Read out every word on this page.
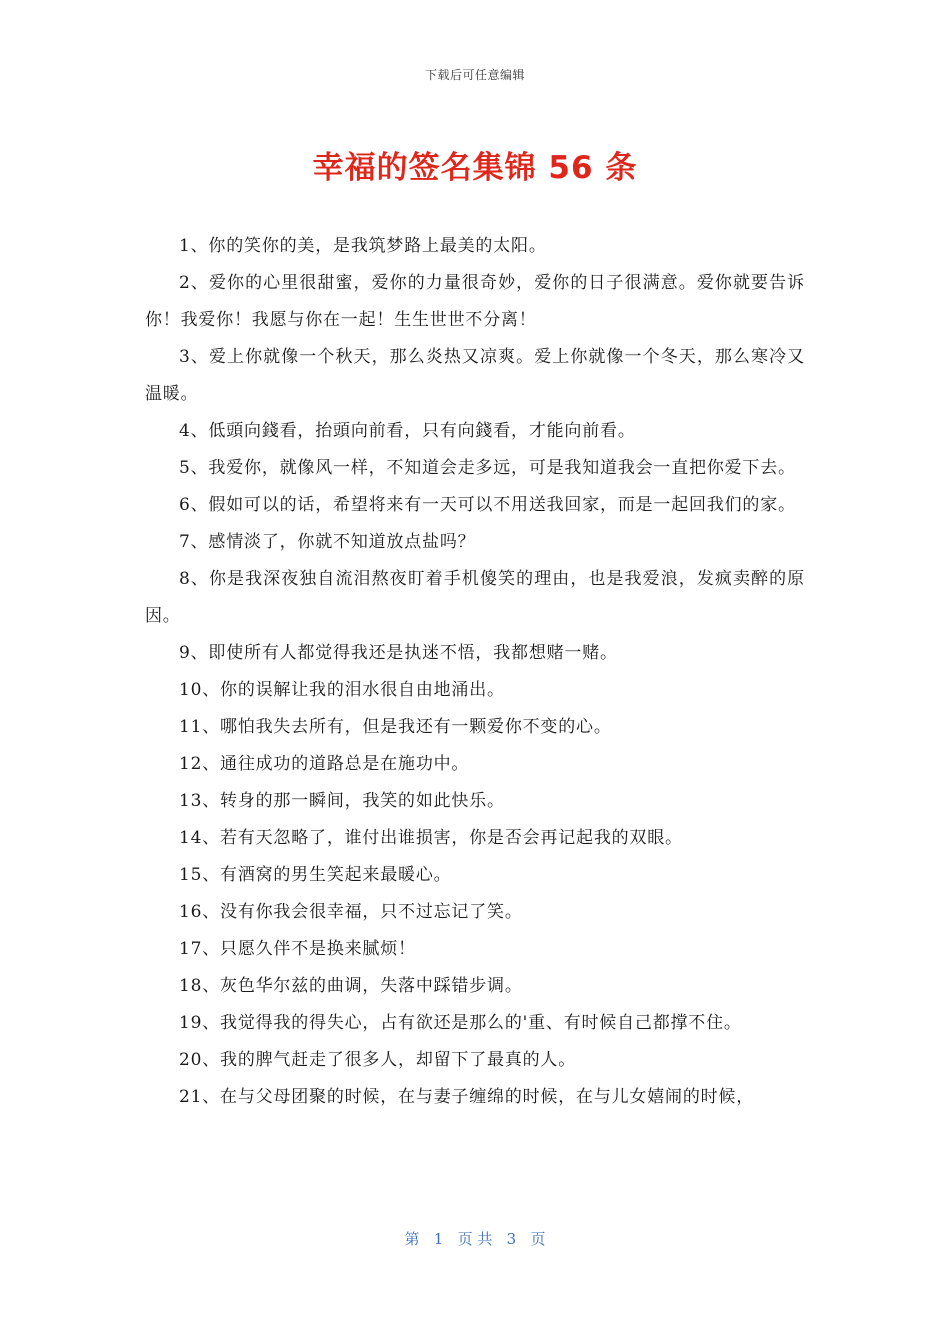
下载后可任意编辑
幸福的签名集锦 56 条

1、你的笑你的美，是我筑梦路上最美的太阳。

2、爱你的心里很甜蜜，爱你的力量很奇妙，爱你的日子很满意。爱你就要告诉你！我爱你！我愿与你在一起！生生世世不分离！

3、爱上你就像一个秋天，那么炎热又凉爽。爱上你就像一个冬天，那么寒冷又温暖。

4、低頭向錢看，抬頭向前看，只有向錢看，才能向前看。

5、我爱你，就像风一样，不知道会走多远，可是我知道我会一直把你爱下去。

6、假如可以的话，希望将来有一天可以不用送我回家，而是一起回我们的家。

7、感情淡了，你就不知道放点盐吗？

8、你是我深夜独自流泪熬夜盯着手机傻笑的理由，也是我爱浪，发疯卖醉的原因。

9、即使所有人都觉得我还是执迷不悟，我都想赌一赌。

10、你的误解让我的泪水很自由地涌出。

11、哪怕我失去所有，但是我还有一颗爱你不变的心。

12、通往成功的道路总是在施功中。

13、转身的那一瞬间，我笑的如此快乐。

14、若有天忽略了，谁付出谁损害，你是否会再记起我的双眼。

15、有酒窝的男生笑起来最暖心。

16、没有你我会很幸福，只不过忘记了笑。

17、只愿久伴不是换来腻烦！

18、灰色华尔兹的曲调，失落中踩错步调。

19、我觉得我的得失心，占有欲还是那么的'重、有时候自己都撑不住。

20、我的脾气赶走了很多人，却留下了最真的人。

21、在与父母团聚的时候，在与妻子缠绵的时候，在与儿女嬉闹的时候，

第   1   页 共   3   页
